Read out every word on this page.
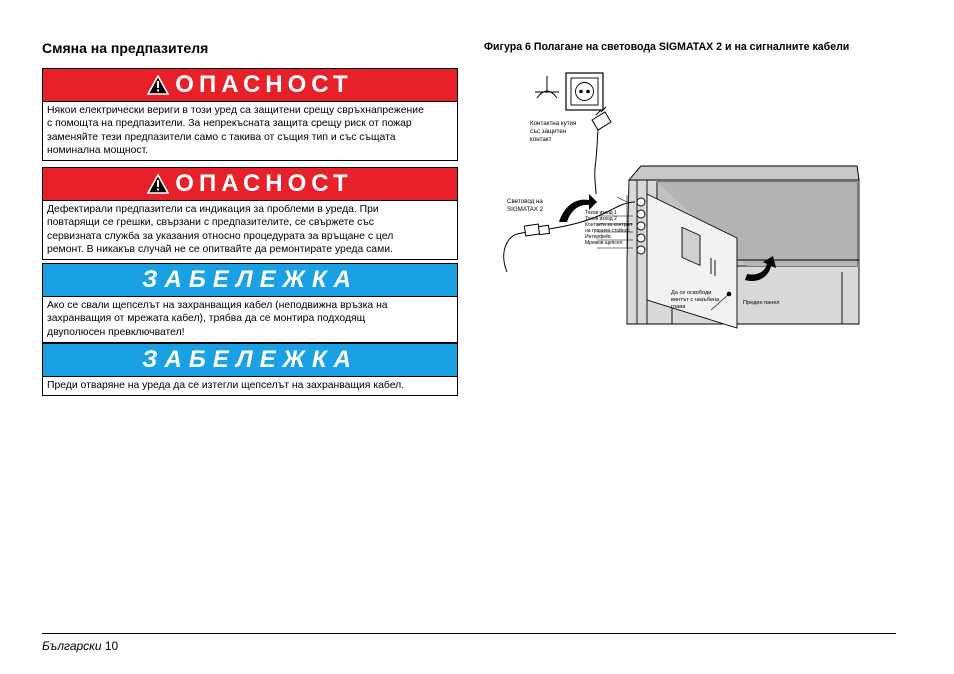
Смяна на предпазителя
ОПАСНОСТ
Някои електрически вериги в този уред са защитени срещу свръхнапрежение
с помощта на предпазители. За непрекъсната защита срещу риск от пожар
заменяйте тези предпазители само с такива от същия тип и със същата
номинална мощност.
ОПАСНОСТ
Дефектирали предпазители са индикация за проблеми в уреда. При
повтарящи се грешки, свързани с предпазителите, се свържете със
сервизната служба за указания относно процедурата за връщане с цел
ремонт. В никакъв случай не се опитвайте да ремонтирате уреда сами.
ЗАБЕЛЕЖКА
Ако се свали щепселът на захранващия кабел (неподвижна връзка на
захранващия от мрежата кабел), трябва да се монтира подходящ
двуполюсен превключвател!
ЗАБЕЛЕЖКА
Преди отваряне на уреда да се изтегли щепселът на захранващия кабел.
Фигура 6 Полагане на световода SIGMATAX 2 и на сигналните кабели
Контактна кутия със защитен контакт
Световод на SIGMATAX 2	Токов изход 1 Токов изход 2 Контакти за контрол на граничн стойнос Интерфейс Мрежов щепсел
Да се освободи винтът с назъбена глава
Преден панел
Български 10
